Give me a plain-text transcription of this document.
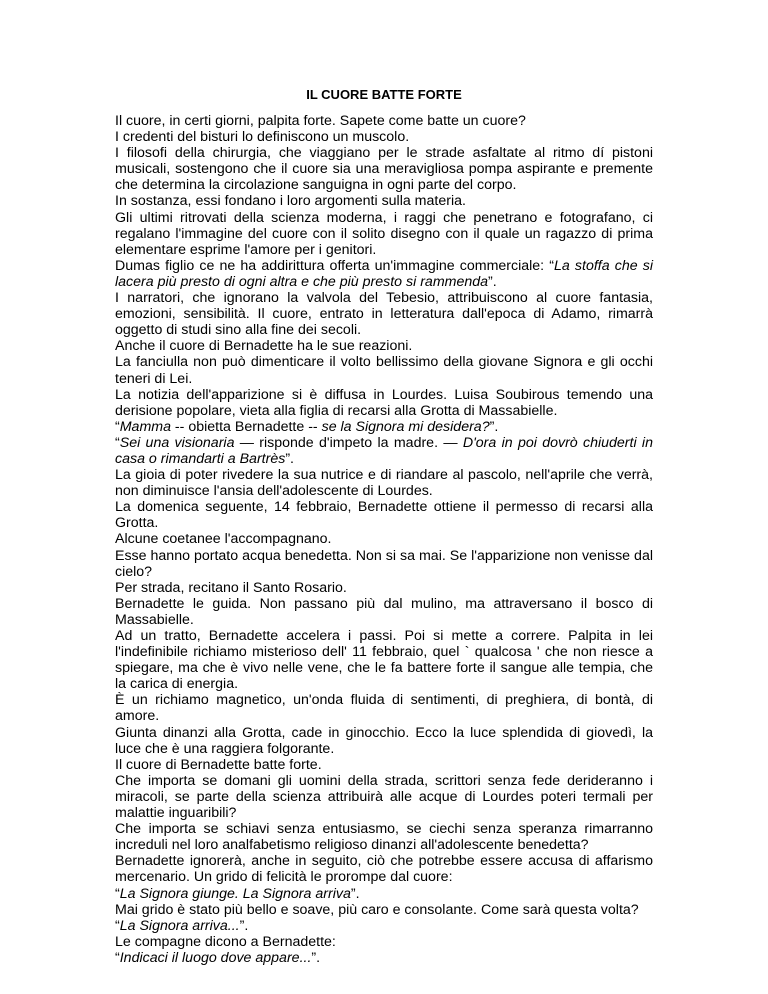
IL CUORE BATTE FORTE

Il cuore, in certi giorni, palpita forte. Sapete come batte un cuore?

I credenti del bisturi lo definiscono un muscolo.

I filosofi della chirurgia, che viaggiano per le strade asfaltate al ritmo dí pistoni musicali, sostengono che il cuore sia una meravigliosa pompa aspirante e premente che determina la circolazione sanguigna in ogni parte del corpo.

In sostanza, essi fondano i loro argomenti sulla materia.

Gli ultimi ritrovati della scienza moderna, i raggi che penetrano e fotografano, ci regalano l'immagine del cuore con il solito disegno con il quale un ragazzo di prima elementare esprime l'amore per i genitori.

Dumas figlio ce ne ha addirittura offerta un'immagine commerciale: “La stoffa che si lacera più presto di ogni altra e che più presto si rammenda”.

I narratori, che ignorano la valvola del Tebesio, attribuiscono al cuore fantasia, emozioni, sensibilità. Il cuore, entrato in letteratura dall'epoca di Adamo, rimarrà oggetto di studi sino alla fine dei secoli.

Anche il cuore di Bernadette ha le sue reazioni.

La fanciulla non può dimenticare il volto bellissimo della giovane Signora e gli occhi teneri di Lei.

La notizia dell'apparizione si è diffusa in Lourdes. Luisa Soubirous temendo una derisione popolare, vieta alla figlia di recarsi alla Grotta di Massabielle.

“Mamma -- obietta Bernadette -- se la Signora mi desidera?”.

“Sei una visionaria — risponde d'impeto la madre. — D'ora in poi dovrò chiuderti in casa o rimandarti a Bartrès”.

La gioia di poter rivedere la sua nutrice e di riandare al pascolo, nell'aprile che verrà, non diminuisce l'ansia dell'adolescente di Lourdes.

La domenica seguente, 14 febbraio, Bernadette ottiene il permesso di recarsi alla Grotta.

Alcune coetanee l'accompagnano.

Esse hanno portato acqua benedetta. Non si sa mai. Se l'apparizione non venisse dal cielo?

Per strada, recitano il Santo Rosario.

Bernadette le guida. Non passano più dal mulino, ma attraversano il bosco di Massabielle.

Ad un tratto, Bernadette accelera i passi. Poi si mette a correre. Palpita in lei l'indefinibile richiamo misterioso dell' 11 febbraio, quel ` qualcosa ' che non riesce a spiegare, ma che è vivo nelle vene, che le fa battere forte il sangue alle tempia, che la carica di energia.

È un richiamo magnetico, un'onda fluida di sentimenti, di preghiera, di bontà, di amore.

Giunta dinanzi alla Grotta, cade in ginocchio. Ecco la luce splendida di giovedì, la luce che è una raggiera folgorante.

Il cuore di Bernadette batte forte.

Che importa se domani gli uomini della strada, scrittori senza fede derideranno i miracoli, se parte della scienza attribuirà alle acque di Lourdes poteri termali per malattie inguaribili?

Che importa se schiavi senza entusiasmo, se ciechi senza speranza rimarranno increduli nel loro analfabetismo religioso dinanzi all'adolescente benedetta?

Bernadette ignorerà, anche in seguito, ciò che potrebbe essere accusa di affarismo mercenario. Un grido di felicità le prorompe dal cuore:

“La Signora giunge. La Signora arriva”.

Mai grido è stato più bello e soave, più caro e consolante. Come sarà questa volta?

“La Signora arriva...”.

Le compagne dicono a Bernadette:

“Indicaci il luogo dove appare...”.
